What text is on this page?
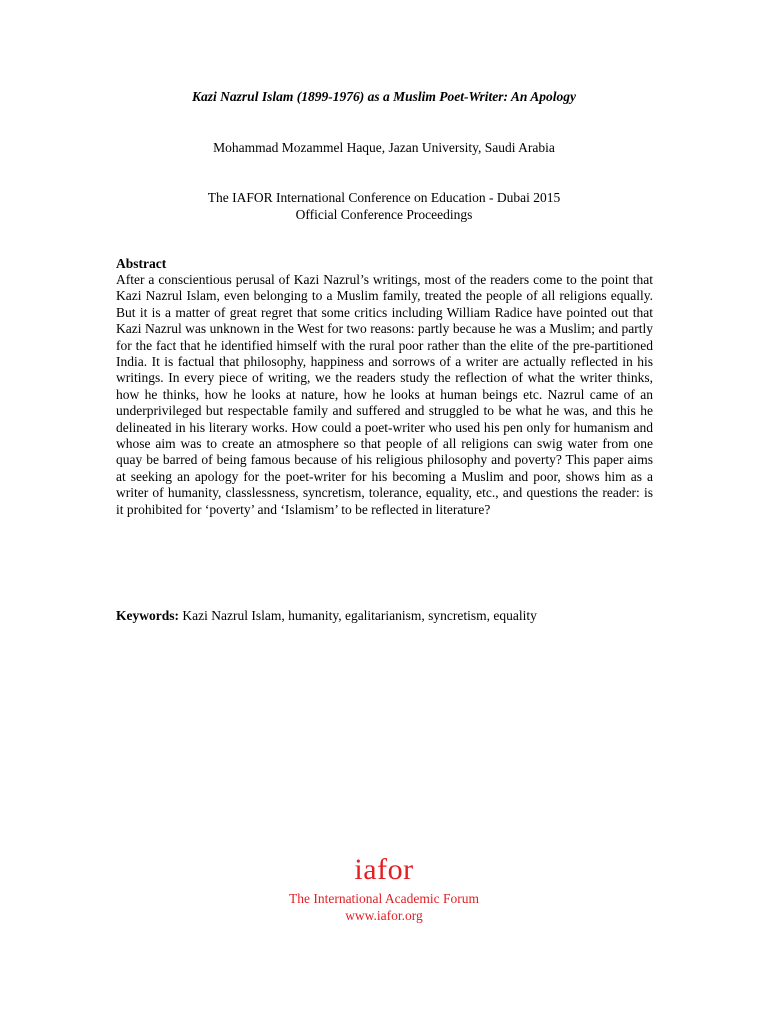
Kazi Nazrul Islam (1899-1976) as a Muslim Poet-Writer: An Apology
Mohammad Mozammel Haque, Jazan University, Saudi Arabia
The IAFOR International Conference on Education - Dubai 2015
Official Conference Proceedings
Abstract
After a conscientious perusal of Kazi Nazrul’s writings, most of the readers come to the point that Kazi Nazrul Islam, even belonging to a Muslim family, treated the people of all religions equally. But it is a matter of great regret that some critics including William Radice have pointed out that Kazi Nazrul was unknown in the West for two reasons: partly because he was a Muslim; and partly for the fact that he identified himself with the rural poor rather than the elite of the pre-partitioned India. It is factual that philosophy, happiness and sorrows of a writer are actually reflected in his writings. In every piece of writing, we the readers study the reflection of what the writer thinks, how he thinks, how he looks at nature, how he looks at human beings etc. Nazrul came of an underprivileged but respectable family and suffered and struggled to be what he was, and this he delineated in his literary works. How could a poet-writer who used his pen only for humanism and whose aim was to create an atmosphere so that people of all religions can swig water from one quay be barred of being famous because of his religious philosophy and poverty? This paper aims at seeking an apology for the poet-writer for his becoming a Muslim and poor, shows him as a writer of humanity, classlessness, syncretism, tolerance, equality, etc., and questions the reader: is it prohibited for ‘poverty’ and ‘Islamism’ to be reflected in literature?
Keywords: Kazi Nazrul Islam, humanity, egalitarianism, syncretism, equality
iafor
The International Academic Forum
www.iafor.org
